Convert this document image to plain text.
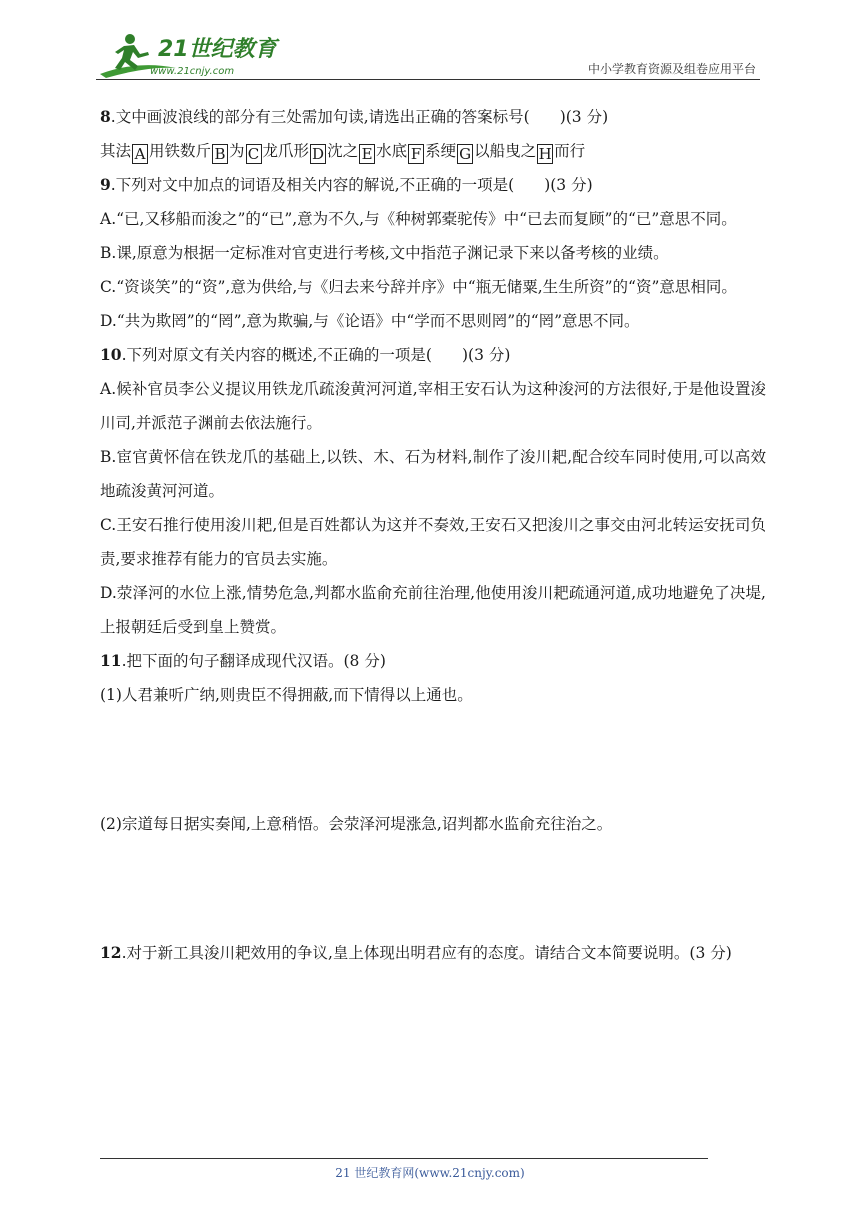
21世纪教育
www.21cnjy.com	中小学教育资源及组卷应用平台
8.文中画波浪线的部分有三处需加句读,请选出正确的答案标号( )(3 分)
其法 A 用铁数斤 B 为 C 龙爪形 D 沈之 E 水底 F 系绠 G 以船曳之 H 而行
9.下列对文中加点的词语及相关内容的解说,不正确的一项是( )(3 分)
A.“已,又移船而浚之”的“已”,意为不久,与《种树郭橐驼传》中“已去而复顾”的“已”意思不同。
B.课,原意为根据一定标准对官吏进行考核,文中指范子渊记录下来以备考核的业绩。
C.“资谈笑”的“资”,意为供给,与《归去来兮辞并序》中“瓶无储粟,生生所资”的“资”意思相同。
D.“共为欺罔”的“罔”,意为欺骗,与《论语》中“学而不思则罔”的“罔”意思不同。
10.下列对原文有关内容的概述,不正确的一项是( )(3 分)
A.候补官员李公义提议用铁龙爪疏浚黄河河道,宰相王安石认为这种浚河的方法很好,于是他设置浚川司,并派范子渊前去依法施行。
B.宦官黄怀信在铁龙爪的基础上,以铁、木、石为材料,制作了浚川耙,配合绞车同时使用,可以高效地疏浚黄河河道。
C.王安石推行使用浚川耙,但是百姓都认为这并不奏效,王安石又把浚川之事交由河北转运安抚司负责,要求推荐有能力的官员去实施。
D.荥泽河的水位上涨,情势危急,判都水监俞充前往治理,他使用浚川耙疏通河道,成功地避免了决堤,上报朝廷后受到皇上赞赏。
11.把下面的句子翻译成现代汉语。(8 分)
(1)人君兼听广纳,则贵臣不得拥蔽,而下情得以上通也。
(2)宗道每日据实奏闻,上意稍悟。会荥泽河堤涨急,诏判都水监俞充往治之。
12.对于新工具浚川耙效用的争议,皇上体现出明君应有的态度。请结合文本简要说明。(3 分)
21 世纪教育网(www.21cnjy.com)
